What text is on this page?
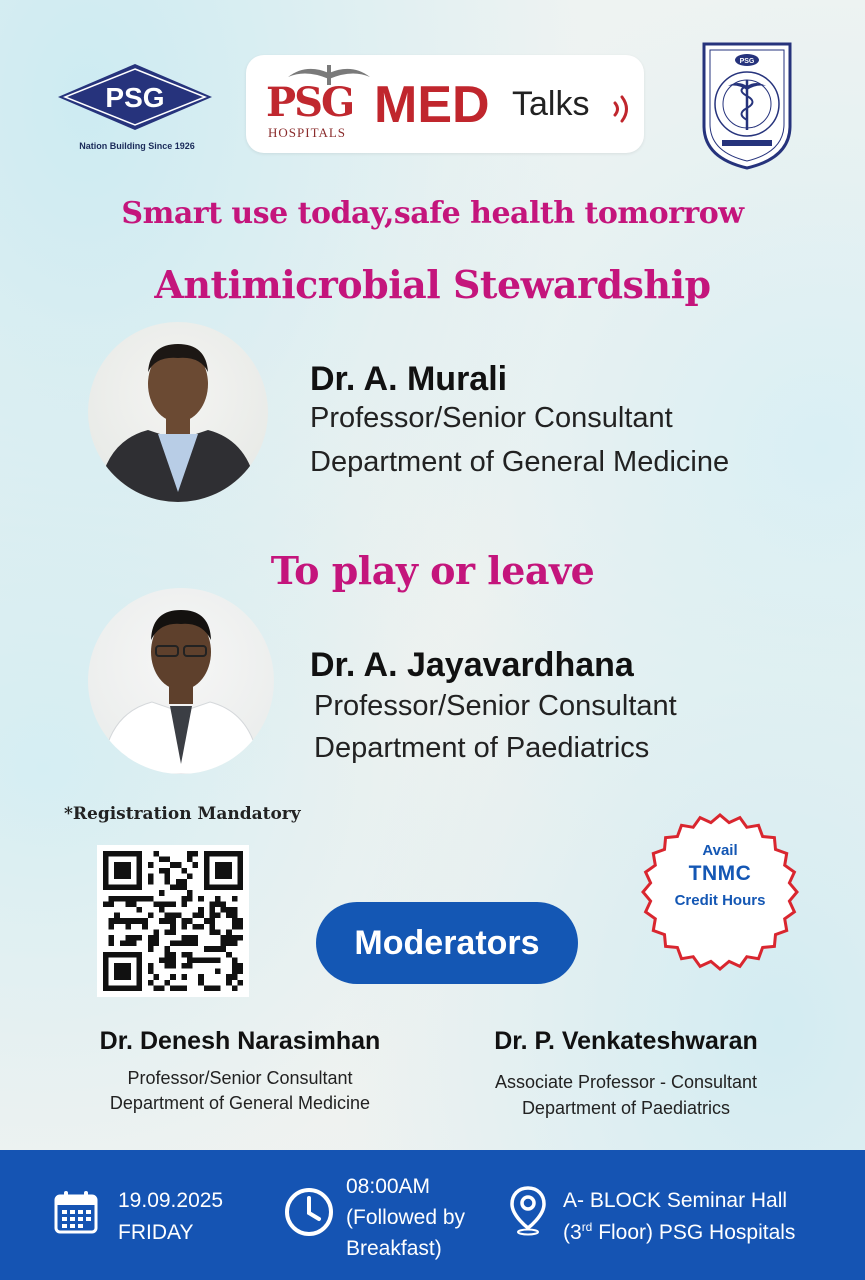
PSG
Nation Building Since 1926
PSG
HOSPITALS MED Talks
PSG
Smart use today,safe health tomorrow
Antimicrobial Stewardship
Dr. A. Murali
Professor/Senior Consultant
Department of General Medicine
To play or leave
Dr. A. Jayavardhana
Professor/Senior Consultant
Department of Paediatrics
*Registration Mandatory
Moderators
Avail
TNMC
Credit Hours
Dr. Denesh Narasimhan
Professor/Senior Consultant
Department of General Medicine
Dr. P. Venkateshwaran
Associate Professor - Consultant
Department of Paediatrics
19.09.2025
FRIDAY
08:00AM
(Followed by
Breakfast)
A- BLOCK Seminar Hall
(3rd Floor) PSG Hospitals
